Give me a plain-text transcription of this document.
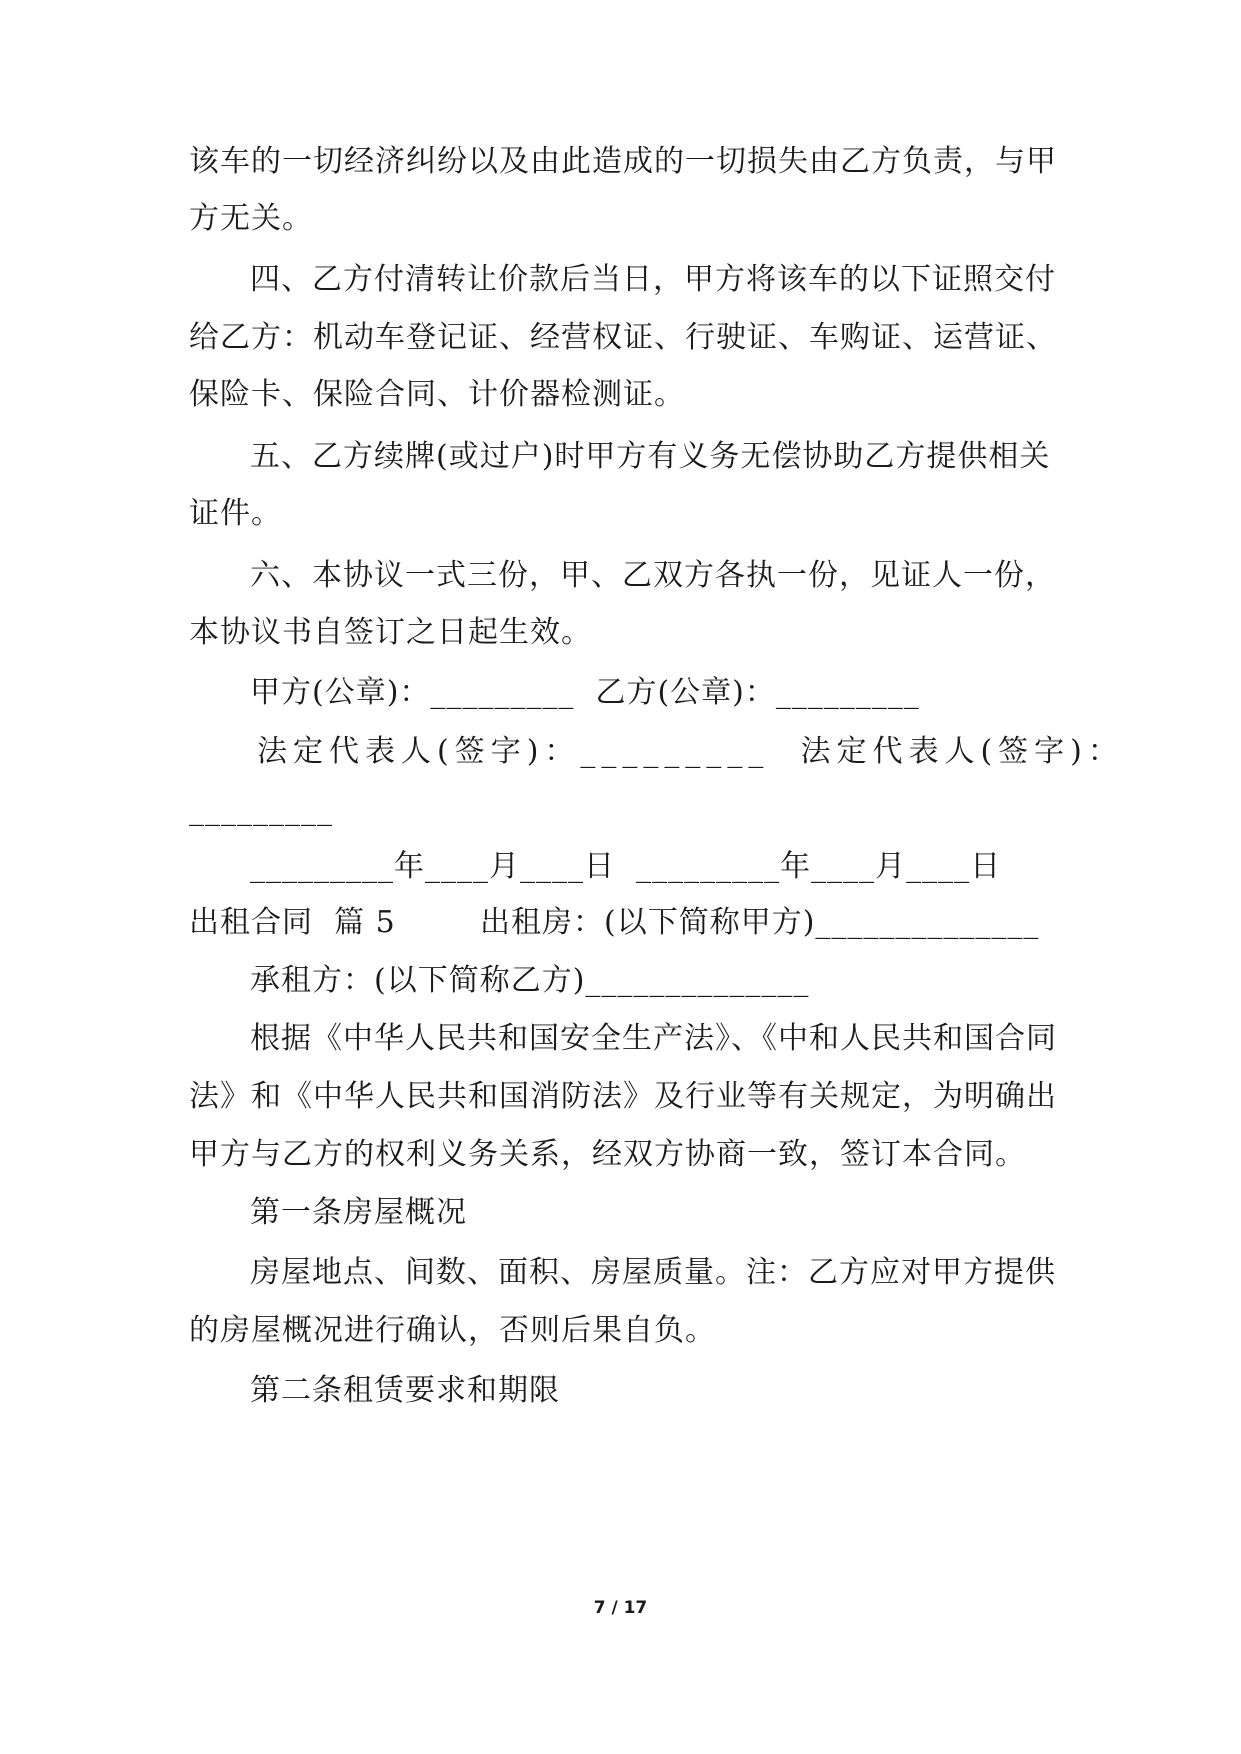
该车的一切经济纠纷以及由此造成的一切损失由乙方负责，与甲
方无关。
四、乙方付清转让价款后当日，甲方将该车的以下证照交付
给乙方：机动车登记证、经营权证、行驶证、车购证、运营证、
保险卡、保险合同、计价器检测证。
五、乙方续牌(或过户)时甲方有义务无偿协助乙方提供相关
证件。
六、本协议一式三份，甲、乙双方各执一份，见证人一份，
本协议书自签订之日起生效。
甲方(公章)：_________  乙方(公章)：_________
法定代表人(签字)：_________  法定代表人(签字)：
_________
_________年____月____日  _________年____月____日
出租合同  篇 5        出租房：(以下简称甲方)______________
承租方：(以下简称乙方)______________
根据《中华人民共和国安全生产法》、《中和人民共和国合同
法》和《中华人民共和国消防法》及行业等有关规定，为明确出
甲方与乙方的权利义务关系，经双方协商一致，签订本合同。
第一条房屋概况
房屋地点、间数、面积、房屋质量。注：乙方应对甲方提供
的房屋概况进行确认，否则后果自负。
第二条租赁要求和期限
7 / 17
